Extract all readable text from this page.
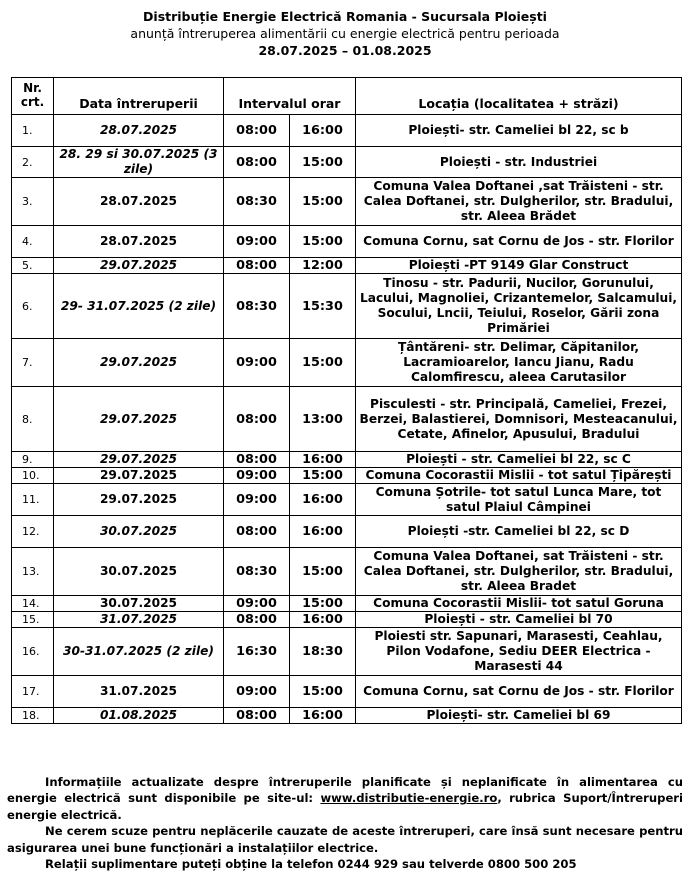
Distribuție Energie Electrică Romania - Sucursala Ploiești
anunță întreruperea alimentării cu energie electrică pentru perioada
28.07.2025 – 01.08.2025
Nr.
crt.	Data întreruperii	Intervalul orar		Locația (localitatea + străzi)
1.	28.07.2025	08:00	16:00	Ploiești- str. Cameliei bl 22, sc b
2.	28. 29 si 30.07.2025 (3 zile)	08:00	15:00	Ploiești - str. Industriei
3.	28.07.2025	08:30	15:00	Comuna Valea Doftanei ,sat Trăisteni - str. Calea Doftanei, str. Dulgherilor, str. Bradului, str. Aleea Brădet
4.	28.07.2025	09:00	15:00	Comuna Cornu, sat Cornu de Jos - str. Florilor
5.	29.07.2025	08:00	12:00	Ploiești -PT 9149 Glar Construct
6.	29- 31.07.2025 (2 zile)	08:30	15:30	Tinosu - str. Padurii, Nucilor, Gorunului, Lacului, Magnoliei, Crizantemelor, Salcamului, Socului, Lncii, Teiului, Roselor, Gării zona Primăriei
7.	29.07.2025	09:00	15:00	Țântăreni- str. Delimar, Căpitanilor, Lacramioarelor, Iancu Jianu, Radu Calomfirescu, aleea Carutasilor
8.	29.07.2025	08:00	13:00	Pisculesti - str. Principală, Cameliei, Frezei, Berzei, Balastierei, Domnisori, Mesteacanului, Cetate, Afinelor, Apusului, Bradului
9.	29.07.2025	08:00	16:00	Ploiești - str. Cameliei bl 22, sc C
10.	29.07.2025	09:00	15:00	Comuna Cocorastii Mislii - tot satul Țipărești
11.	29.07.2025	09:00	16:00	Comuna Șotrile- tot satul Lunca Mare, tot satul Plaiul Câmpinei
12.	30.07.2025	08:00	16:00	Ploiești -str. Cameliei bl 22, sc D
13.	30.07.2025	08:30	15:00	Comuna Valea Doftanei, sat Trăisteni - str. Calea Doftanei, str. Dulgherilor, str. Bradului, str. Aleea Bradet
14.	30.07.2025	09:00	15:00	Comuna Cocorastii Mislii- tot satul Goruna
15.	31.07.2025	08:00	16:00	Ploiești - str. Cameliei bl 70
16.	30-31.07.2025 (2 zile)	16:30	18:30	Ploiesti str. Sapunari, Marasesti, Ceahlau, Pilon Vodafone, Sediu DEER Electrica - Marasesti 44
17.	31.07.2025	09:00	15:00	Comuna Cornu, sat Cornu de Jos - str. Florilor
18.	01.08.2025	08:00	16:00	Ploiești- str. Cameliei bl 69

Informațiile actualizate despre întreruperile planificate și neplanificate în alimentarea cu energie electrică sunt disponibile pe site-ul: www.distributie-energie.ro, rubrica Suport/Întreruperi energie electrică.

Ne cerem scuze pentru neplăcerile cauzate de aceste întreruperi, care însă sunt necesare pentru asigurarea unei bune funcționări a instalațiilor electrice.

Relații suplimentare puteți obține la telefon 0244 929 sau telverde 0800 500 205
